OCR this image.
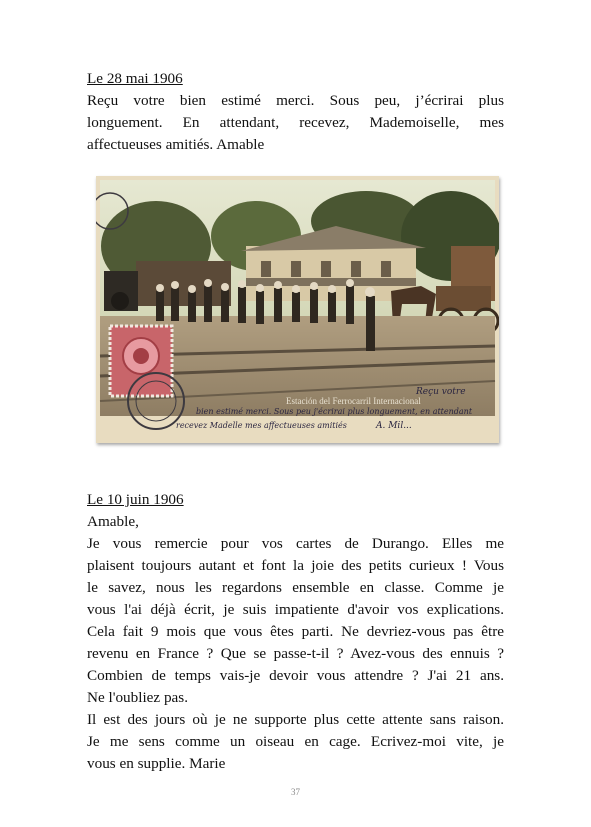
Le 28 mai 1906
Reçu votre bien estimé merci. Sous peu, j’écrirai plus
longuement. En attendant, recevez, Mademoiselle, mes
affectueuses amitiés. Amable
Estación del Ferrocarril Internacional
Reçu votre
bien estimé merci. Sous peu j'écrirai plus longuement, en attendant
recevez Madelle mes affectueuses amitiés	A. Mil...
Le 10 juin 1906
Amable,
Je vous remercie pour vos cartes de Durango. Elles me
plaisent toujours autant et font la joie des petits curieux ! Vous
le savez, nous les regardons ensemble en classe. Comme je
vous l'ai déjà écrit, je suis impatiente d'avoir vos explications.
Cela fait 9 mois que vous êtes parti. Ne devriez-vous pas être
revenu en France ? Que se passe-t-il ? Avez-vous des ennuis ?
Combien de temps vais-je devoir vous attendre ? J'ai 21 ans.
Ne l'oubliez pas.
Il est des jours où je ne supporte plus cette attente sans raison.
Je me sens comme un oiseau en cage. Ecrivez-moi vite, je
vous en supplie. Marie
37
